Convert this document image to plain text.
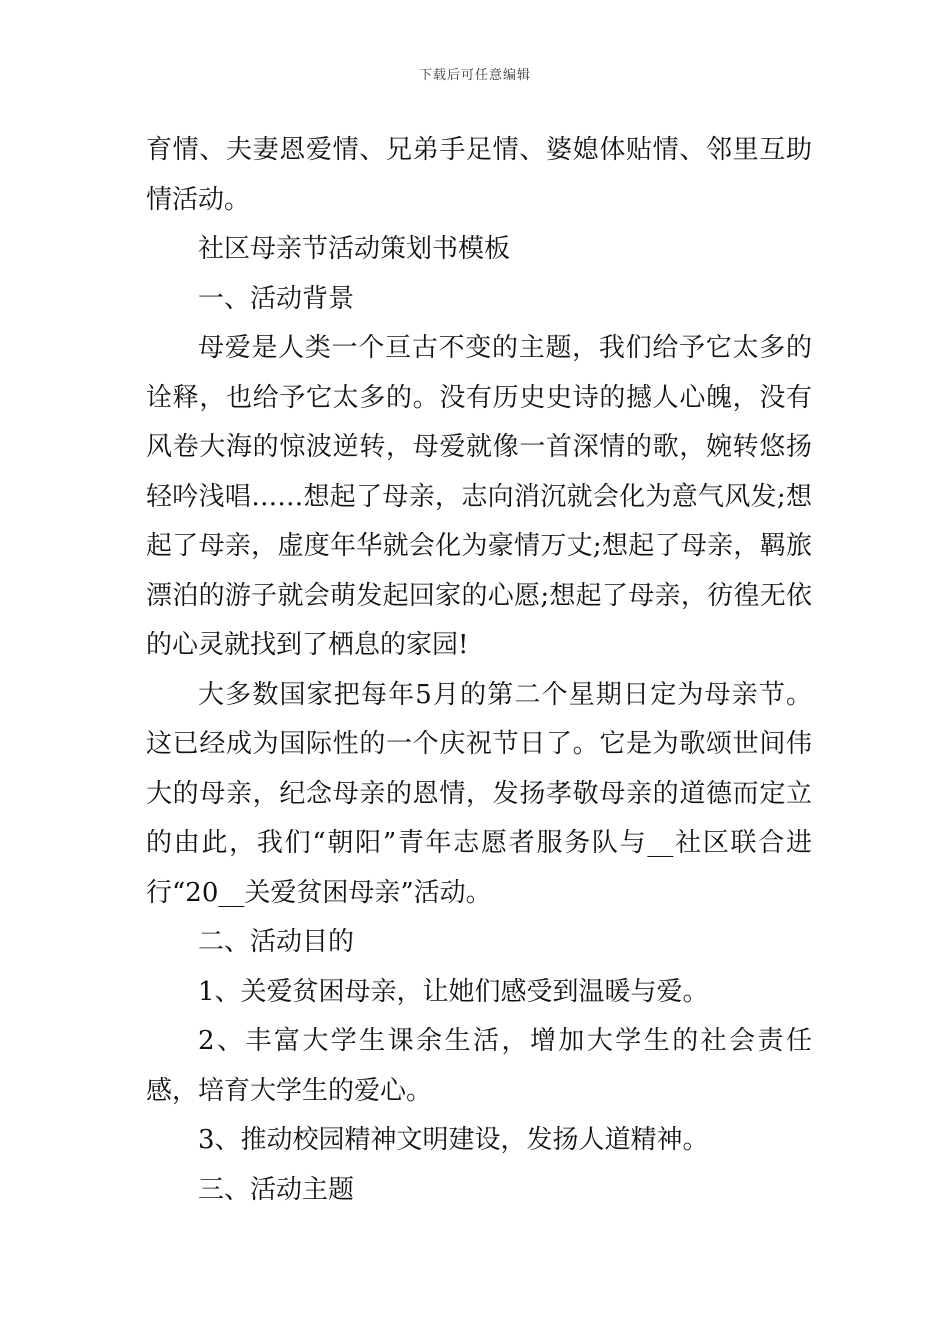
下载后可任意编辑

育情、夫妻恩爱情、兄弟手足情、婆媳体贴情、邻里互助情活动。

社区母亲节活动策划书模板

一、活动背景

母爱是人类一个亘古不变的主题，我们给予它太多的诠释，也给予它太多的。没有历史史诗的撼人心魄，没有风卷大海的惊波逆转，母爱就像一首深情的歌，婉转悠扬轻吟浅唱……想起了母亲，志向消沉就会化为意气风发;想起了母亲，虚度年华就会化为豪情万丈;想起了母亲，羁旅漂泊的游子就会萌发起回家的心愿;想起了母亲，彷徨无依的心灵就找到了栖息的家园!

大多数国家把每年5月的第二个星期日定为母亲节。这已经成为国际性的一个庆祝节日了。它是为歌颂世间伟大的母亲，纪念母亲的恩情，发扬孝敬母亲的道德而定立的由此，我们“朝阳”青年志愿者服务队与__社区联合进行“20__关爱贫困母亲”活动。

二、活动目的

1、关爱贫困母亲，让她们感受到温暖与爱。

2、丰富大学生课余生活，增加大学生的社会责任感，培育大学生的爱心。

3、推动校园精神文明建设，发扬人道精神。

三、活动主题
